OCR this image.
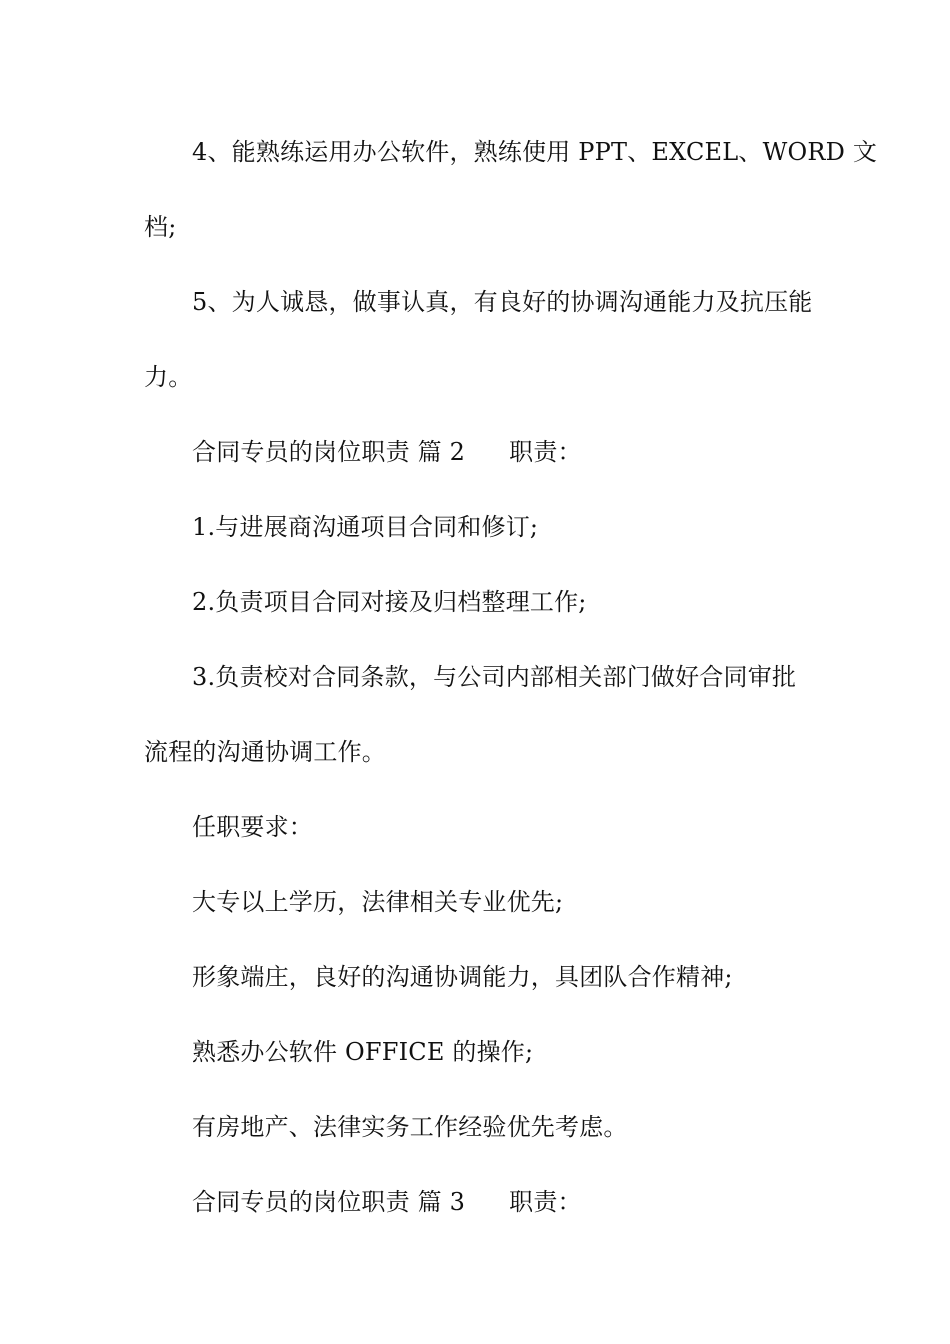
4、能熟练运用办公软件，熟练使用 PPT、EXCEL、WORD 文
档;
5、为人诚恳，做事认真，有良好的协调沟通能力及抗压能
力。
合同专员的岗位职责 篇 2 职责：
1.与进展商沟通项目合同和修订;
2.负责项目合同对接及归档整理工作;
3.负责校对合同条款，与公司内部相关部门做好合同审批
流程的沟通协调工作。
任职要求：
大专以上学历，法律相关专业优先;
形象端庄，良好的沟通协调能力，具团队合作精神;
熟悉办公软件 OFFICE 的操作;
有房地产、法律实务工作经验优先考虑。
合同专员的岗位职责 篇 3 职责：
